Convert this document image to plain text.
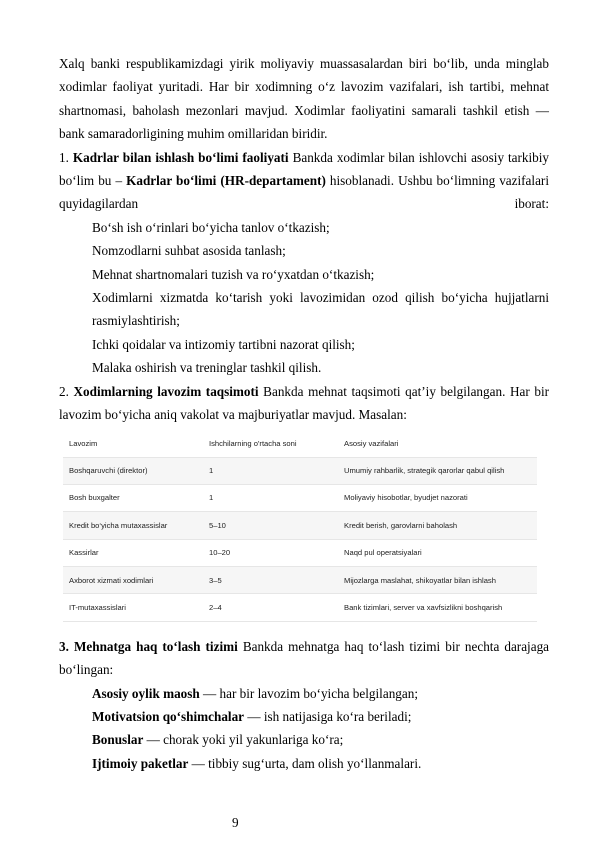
Xalq banki respublikamizdagi yirik moliyaviy muassasalardan biri bo‘lib, unda minglab xodimlar faoliyat yuritadi. Har bir xodimning o‘z lavozim vazifalari, ish tartibi, mehnat shartnomasi, baholash mezonlari mavjud. Xodimlar faoliyatini samarali tashkil etish — bank samaradorligining muhim omillaridan biridir.

1. Kadrlar bilan ishlash bo‘limi faoliyati Bankda xodimlar bilan ishlovchi asosiy tarkibiy bo‘lim bu – Kadrlar bo‘limi (HR-departament) hisoblanadi. Ushbu bo‘limning vazifalari quyidagilardan iborat:

Bo‘sh ish o‘rinlari bo‘yicha tanlov o‘tkazish;

Nomzodlarni suhbat asosida tanlash;

Mehnat shartnomalari tuzish va ro‘yxatdan o‘tkazish;

Xodimlarni xizmatda ko‘tarish yoki lavozimidan ozod qilish bo‘yicha hujjatlarni rasmiylashtirish;

Ichki qoidalar va intizomiy tartibni nazorat qilish;

Malaka oshirish va treninglar tashkil qilish.

2. Xodimlarning lavozim taqsimoti Bankda mehnat taqsimoti qat’iy belgilangan. Har bir lavozim bo‘yicha aniq vakolat va majburiyatlar mavjud. Masalan:

Lavozim	Ishchilarning o'rtacha soni	Asosiy vazifalari
Boshqaruvchi (direktor)	1	Umumiy rahbarlik, strategik qarorlar qabul qilish
Bosh buxgalter	1	Moliyaviy hisobotlar, byudjet nazorati
Kredit bo‘yicha mutaxassislar	5–10	Kredit berish, garovlarni baholash
Kassirlar	10–20	Naqd pul operatsiyalari
Axborot xizmati xodimlari	3–5	Mijozlarga maslahat, shikoyatlar bilan ishlash
IT-mutaxassislari	2–4	Bank tizimlari, server va xavfsizlikni boshqarish

3. Mehnatga haq to‘lash tizimi Bankda mehnatga haq to‘lash tizimi bir nechta darajaga bo‘lingan:

Asosiy oylik maosh — har bir lavozim bo‘yicha belgilangan;

Motivatsion qo‘shimchalar — ish natijasiga ko‘ra beriladi;

Bonuslar — chorak yoki yil yakunlariga ko‘ra;

Ijtimoiy paketlar — tibbiy sug‘urta, dam olish yo‘llanmalari.

9
